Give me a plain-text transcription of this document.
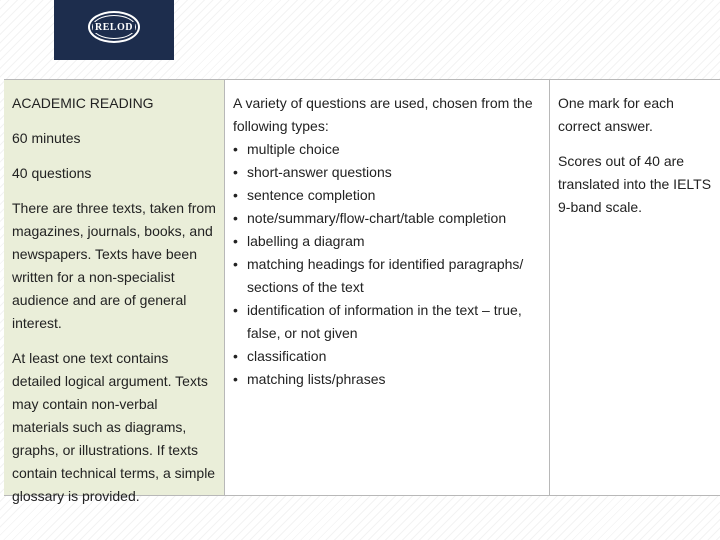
RELOD

ACADEMIC READING

60 minutes

40 questions

There are three texts, taken from magazines, journals, books, and newspapers. Texts have been written for a non-specialist audience and are of general interest.

At least one text contains detailed logical argument. Texts may contain non-verbal materials such as diagrams, graphs, or illustrations. If texts contain technical terms, a simple glossary is provided.

A variety of questions are used, chosen from the following types:

• multiple choice
• short-answer questions
• sentence completion
• note/summary/flow-chart/table completion
• labelling a diagram
• matching headings for identified paragraphs/ sections of the text
• identification of information in the text – true, false, or not given
• classification
• matching lists/phrases

One mark for each correct answer.

Scores out of 40 are translated into the IELTS 9-band scale.
